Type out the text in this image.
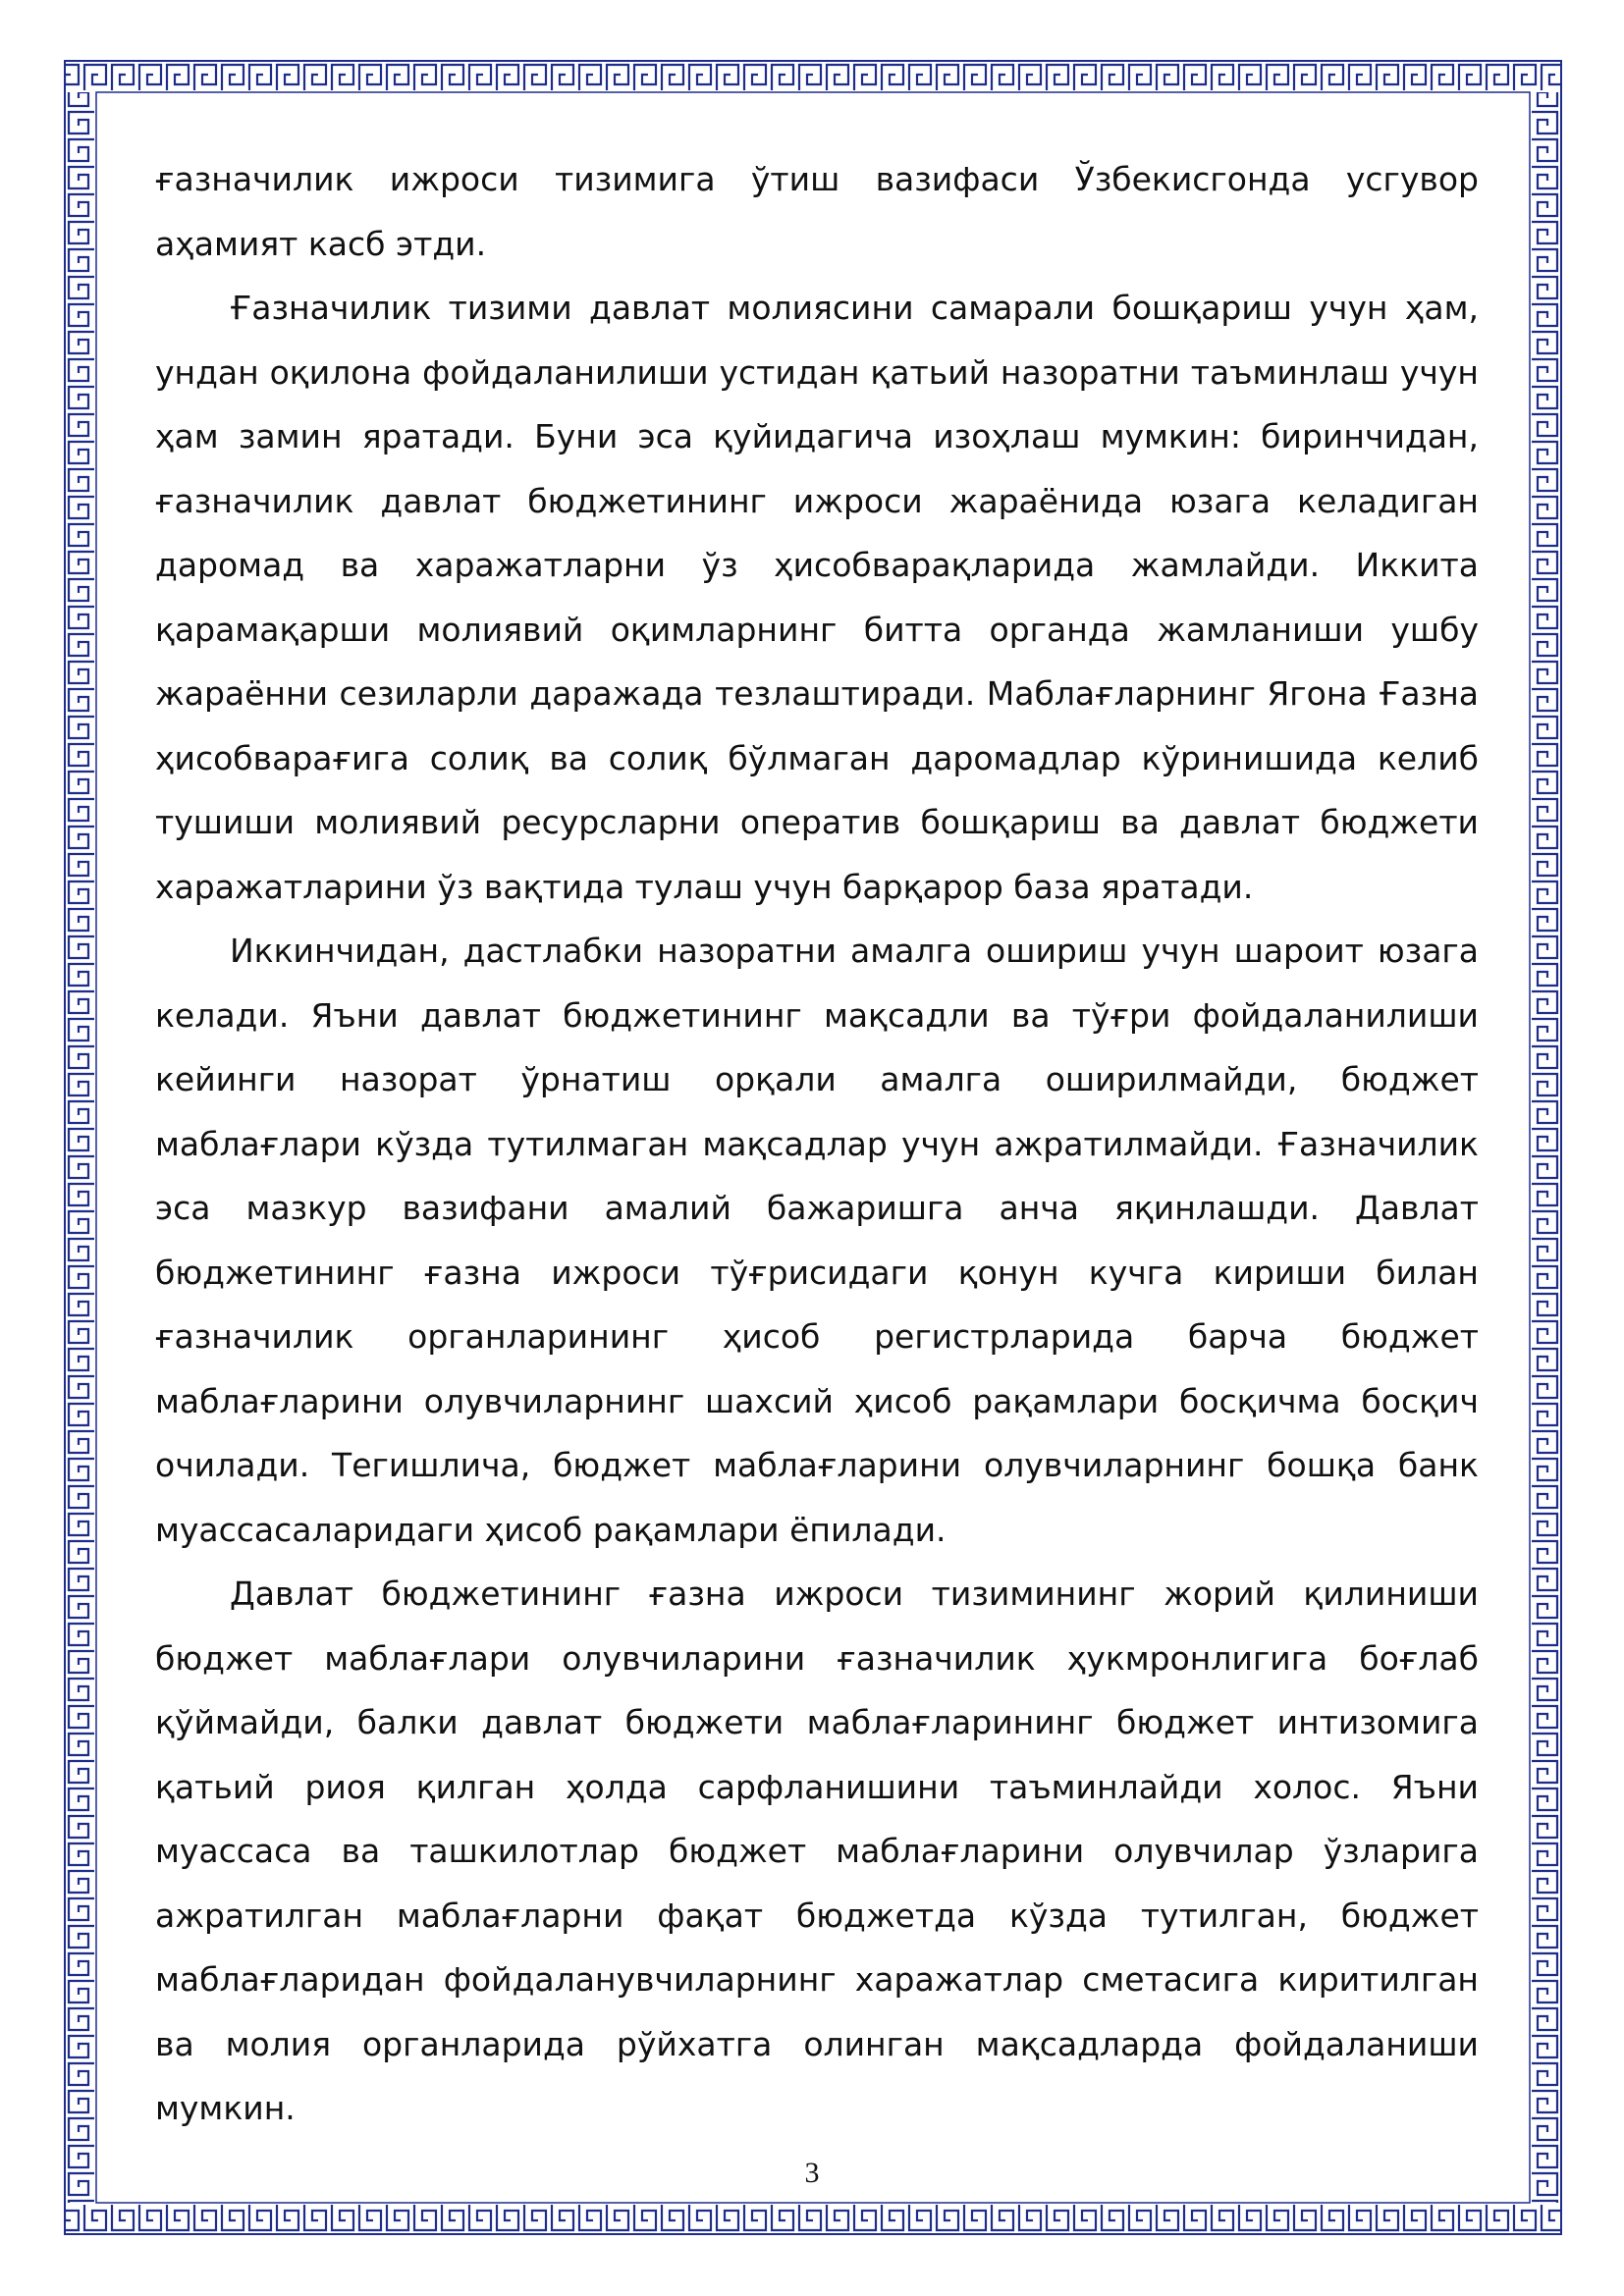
ғазначилик ижроси тизимига ўтиш вазифаси Ўзбекисгонда усгувор аҳамият касб этди.

Ғазначилик тизими давлат молиясини самарали бошқариш учун ҳам, ундан оқилона фойдаланилиши устидан қатьий назоратни таъминлаш учун ҳам замин яратади. Буни эса қуйидагича изоҳлаш мумкин: биринчидан, ғазначилик давлат бюджетининг ижроси жараёнида юзага келадиган даромад ва харажатларни ўз ҳисобварақларида жамлайди. Иккита қарамақарши молиявий оқимларнинг битта органда жамланиши ушбу жараённи сезиларли даражада тезлаштиради. Маблағларнинг Ягона Ғазна ҳисобварағига солиқ ва солиқ бўлмаган даромадлар кўринишида келиб тушиши молиявий ресурсларни оператив бошқариш ва давлат бюджети харажатларини ўз вақтида тулаш учун барқарор база яратади.

Иккинчидан, дастлабки назоратни амалга ошириш учун шароит юзага келади. Яъни давлат бюджетининг мақсадли ва тўғри фойдаланилиши кейинги назорат ўрнатиш орқали амалга оширилмайди, бюджет маблағлари кўзда тутилмаган мақсадлар учун ажратилмайди. Ғазначилик эса мазкур вазифани амалий бажаришга анча яқинлашди. Давлат бюджетининг ғазна ижроси тўғрисидаги қонун кучга кириши билан ғазначилик органларининг ҳисоб регистрларида барча бюджет маблағларини олувчиларнинг шахсий ҳисоб рақамлари босқичма босқич очилади. Тегишлича, бюджет маблағларини олувчиларнинг бошқа банк муассасаларидаги ҳисоб рақамлари ёпилади.

Давлат бюджетининг ғазна ижроси тизимининг жорий қилиниши бюджет маблағлари олувчиларини ғазначилик ҳукмронлигига боғлаб қўймайди, балки давлат бюджети маблағларининг бюджет интизомига қатьий риоя қилган ҳолда сарфланишини таъминлайди холос. Яъни муассаса ва ташкилотлар бюджет маблағларини олувчилар ўзларига ажратилган маблағларни фақат бюджетда кўзда тутилган, бюджет маблағларидан фойдаланувчиларнинг харажатлар сметасига киритилган ва молия органларида рўйхатга олинган мақсадларда фойдаланиши мумкин.

3
